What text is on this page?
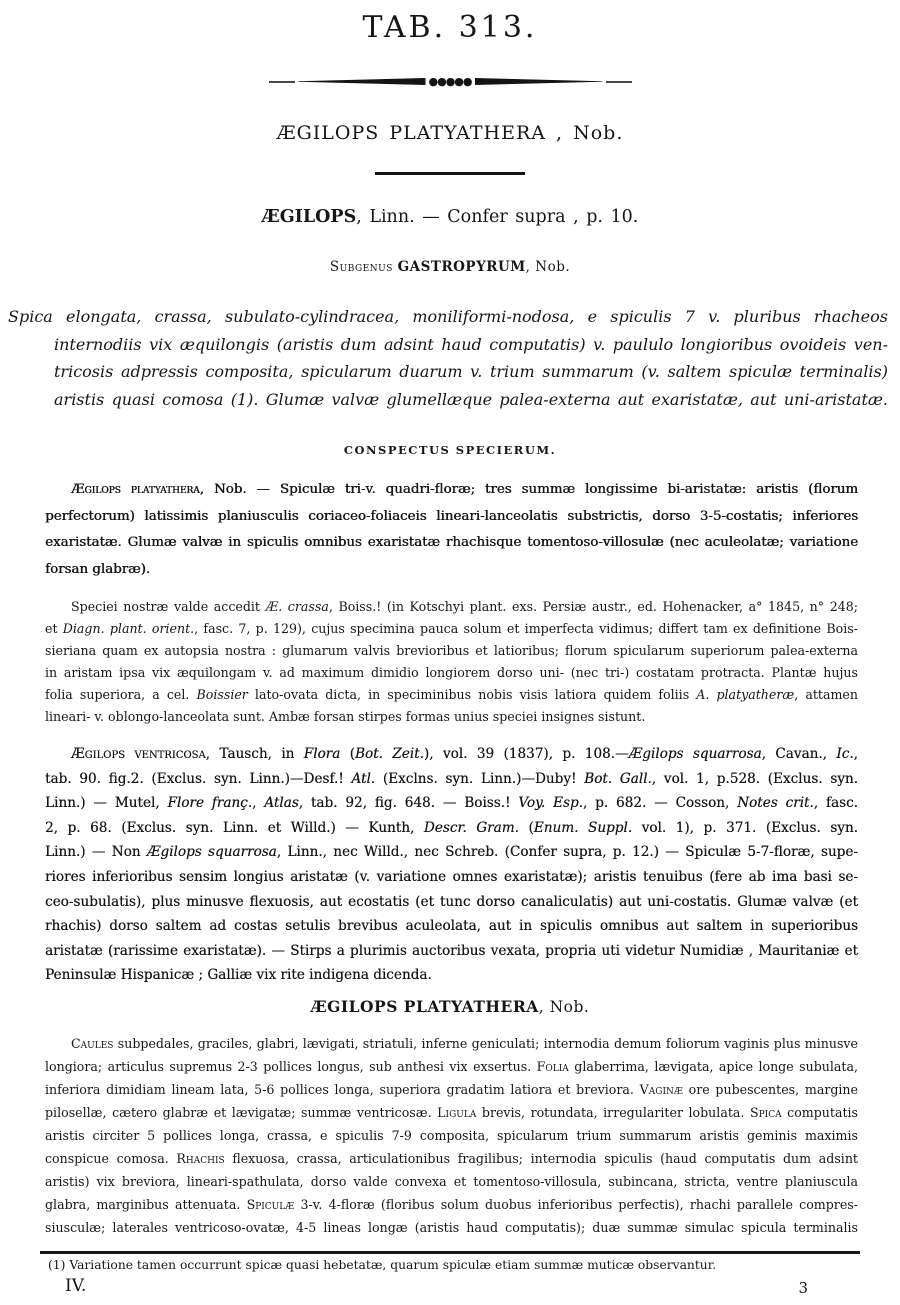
TAB. 313.
●●●●●
ÆGILOPS PLATYATHERA , Nob.
ÆGILOPS, Linn. — Confer supra , p. 10.
Subgenus GASTROPYRUM, Nob.
Spica elongata, crassa, subulato-cylindracea, moniliformi-nodosa, e spiculis 7 v. pluribus rhacheos
internodiis vix æquilongis (aristis dum adsint haud computatis) v. paululo longioribus ovoideis ven-
tricosis adpressis composita, spicularum duarum v. trium summarum (v. saltem spiculæ terminalis)
aristis quasi comosa (1). Glumæ valvæ glumellæque palea-externa aut exaristatæ, aut uni-aristatæ.
CONSPECTUS SPECIERUM.
Ægilops platyathera, Nob. — Spiculæ tri-v. quadri-floræ; tres summæ longissime bi-aristatæ: aristis (florum
perfectorum) latissimis planiusculis coriaceo-foliaceis lineari-lanceolatis substrictis, dorso 3-5-costatis; inferiores
exaristatæ. Glumæ valvæ in spiculis omnibus exaristatæ rhachisque tomentoso-villosulæ (nec aculeolatæ; variatione
forsan glabræ).
Speciei nostræ valde accedit Æ. crassa, Boiss.! (in Kotschyi plant. exs. Persiæ austr., ed. Hohenacker, a° 1845, n° 248;
et Diagn. plant. orient., fasc. 7, p. 129), cujus specimina pauca solum et imperfecta vidimus; differt tam ex definitione Bois-
sieriana quam ex autopsia nostra : glumarum valvis brevioribus et latioribus; florum spicularum superiorum palea-externa
in aristam ipsa vix æquilongam v. ad maximum dimidio longiorem dorso uni- (nec tri-) costatam protracta. Plantæ hujus
folia superiora, a cel. Boissier lato-ovata dicta, in speciminibus nobis visis latiora quidem foliis A. platyatheræ, attamen
lineari- v. oblongo-lanceolata sunt. Ambæ forsan stirpes formas unius speciei insignes sistunt.
Ægilops ventricosa, Tausch, in Flora (Bot. Zeit.), vol. 39 (1837), p. 108.—Ægilops squarrosa, Cavan., Ic.,
tab. 90. fig.2. (Exclus. syn. Linn.)—Desf.! Atl. (Exclns. syn. Linn.)—Duby! Bot. Gall., vol. 1, p.528. (Exclus. syn.
Linn.) — Mutel, Flore franç., Atlas, tab. 92, fig. 648. — Boiss.! Voy. Esp., p. 682. — Cosson, Notes crit., fasc.
2, p. 68. (Exclus. syn. Linn. et Willd.) — Kunth, Descr. Gram. (Enum. Suppl. vol. 1), p. 371. (Exclus. syn.
Linn.) — Non Ægilops squarrosa, Linn., nec Willd., nec Schreb. (Confer supra, p. 12.) — Spiculæ 5-7-floræ, supe-
riores inferioribus sensim longius aristatæ (v. variatione omnes exaristatæ); aristis tenuibus (fere ab ima basi se-
ceo-subulatis), plus minusve flexuosis, aut ecostatis (et tunc dorso canaliculatis) aut uni-costatis. Glumæ valvæ (et
rhachis) dorso saltem ad costas setulis brevibus aculeolata, aut in spiculis omnibus aut saltem in superioribus
aristatæ (rarissime exaristatæ). — Stirps a plurimis auctoribus vexata, propria uti videtur Numidiæ , Mauritaniæ et
Peninsulæ Hispanicæ ; Galliæ vix rite indigena dicenda.
ÆGILOPS PLATYATHERA, Nob.
Caules subpedales, graciles, glabri, lævigati, striatuli, inferne geniculati; internodia demum foliorum vaginis plus minusve
longiora; articulus supremus 2-3 pollices longus, sub anthesi vix exsertus. Folia glaberrima, lævigata, apice longe subulata,
inferiora dimidiam lineam lata, 5-6 pollices longa, superiora gradatim latiora et breviora. Vaginæ ore pubescentes, margine
pilosellæ, cætero glabræ et lævigatæ; summæ ventricosæ. Ligula brevis, rotundata, irregulariter lobulata. Spica computatis
aristis circiter 5 pollices longa, crassa, e spiculis 7-9 composita, spicularum trium summarum aristis geminis maximis
conspicue comosa. Rhachis flexuosa, crassa, articulationibus fragilibus; internodia spiculis (haud computatis dum adsint
aristis) vix breviora, lineari-spathulata, dorso valde convexa et tomentoso-villosula, subincana, stricta, ventre planiuscula
glabra, marginibus attenuata. Spiculæ 3-v. 4-floræ (floribus solum duobus inferioribus perfectis), rhachi parallele compres-
siusculæ; laterales ventricoso-ovatæ, 4-5 lineas longæ (aristis haud computatis); duæ summæ simulac spicula terminalis
(1) Variatione tamen occurrunt spicæ quasi hebetatæ, quarum spiculæ etiam summæ muticæ observantur.
IV.	3
